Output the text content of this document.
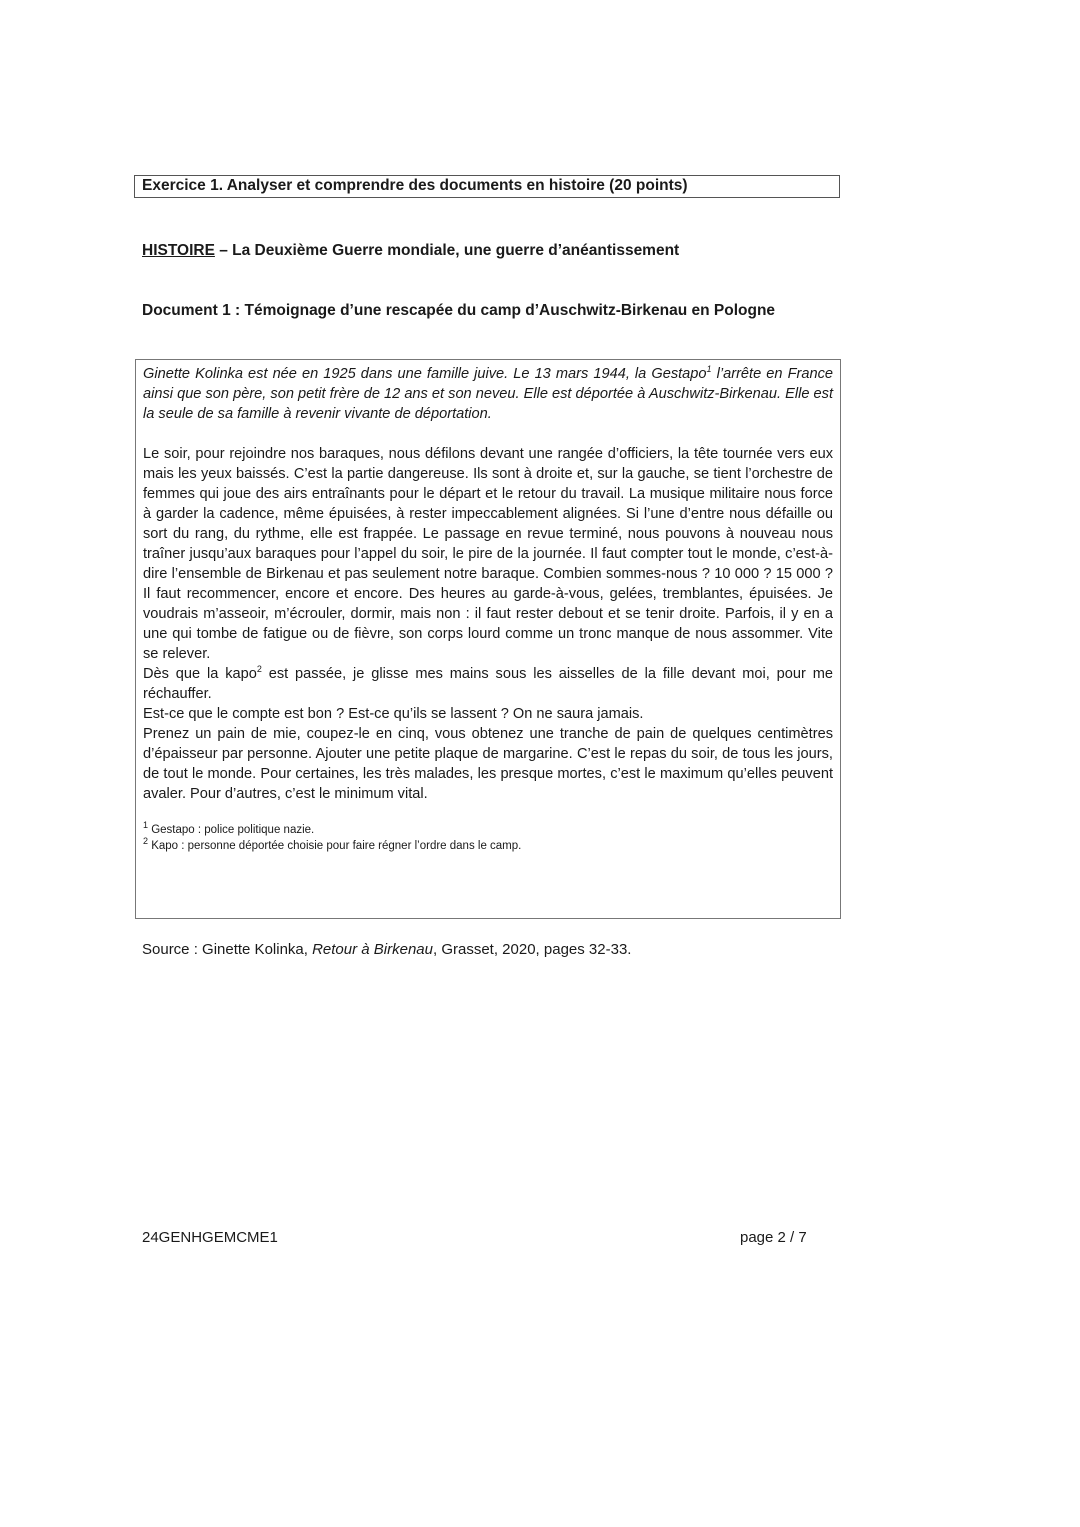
Exercice 1. Analyser et comprendre des documents en histoire (20 points)
HISTOIRE – La Deuxième Guerre mondiale, une guerre d’anéantissement
Document 1 : Témoignage d’une rescapée du camp d’Auschwitz-Birkenau en Pologne

Ginette Kolinka est née en 1925 dans une famille juive. Le 13 mars 1944, la Gestapo$^1$ l’arrête en France ainsi que son père, son petit frère de 12 ans et son neveu. Elle est déportée à Auschwitz-Birkenau. Elle est la seule de sa famille à revenir vivante de déportation.

Le soir, pour rejoindre nos baraques, nous défilons devant une rangée d’officiers, la tête tournée vers eux mais les yeux baissés. C’est la partie dangereuse. Ils sont à droite et, sur la gauche, se tient l’orchestre de femmes qui joue des airs entraînants pour le départ et le retour du travail. La musique militaire nous force à garder la cadence, même épuisées, à rester impeccablement alignées. Si l’une d’entre nous défaille ou sort du rang, du rythme, elle est frappée. Le passage en revue terminé, nous pouvons à nouveau nous traîner jusqu’aux baraques pour l’appel du soir, le pire de la journée. Il faut compter tout le monde, c’est-à-dire l’ensemble de Birkenau et pas seulement notre baraque. Combien sommes-nous ? 10 000 ? 15 000 ? Il faut recommencer, encore et encore. Des heures au garde-à-vous, gelées, tremblantes, épuisées. Je voudrais m’asseoir, m’écrouler, dormir, mais non : il faut rester debout et se tenir droite. Parfois, il y en a une qui tombe de fatigue ou de fièvre, son corps lourd comme un tronc manque de nous assommer. Vite se relever.

Dès que la kapo$^2$ est passée, je glisse mes mains sous les aisselles de la fille devant moi, pour me réchauffer.

Est-ce que le compte est bon ? Est-ce qu’ils se lassent ? On ne saura jamais.

Prenez un pain de mie, coupez-le en cinq, vous obtenez une tranche de pain de quelques centimètres d’épaisseur par personne. Ajouter une petite plaque de margarine. C’est le repas du soir, de tous les jours, de tout le monde. Pour certaines, les très malades, les presque mortes, c’est le maximum qu’elles peuvent avaler. Pour d’autres, c’est le minimum vital.

$^1$ Gestapo : police politique nazie.

$^2$ Kapo : personne déportée choisie pour faire régner l’ordre dans le camp.

Source : Ginette Kolinka, Retour à Birkenau, Grasset, 2020, pages 32-33.
24GENHGEMCME1	page 2 / 7
